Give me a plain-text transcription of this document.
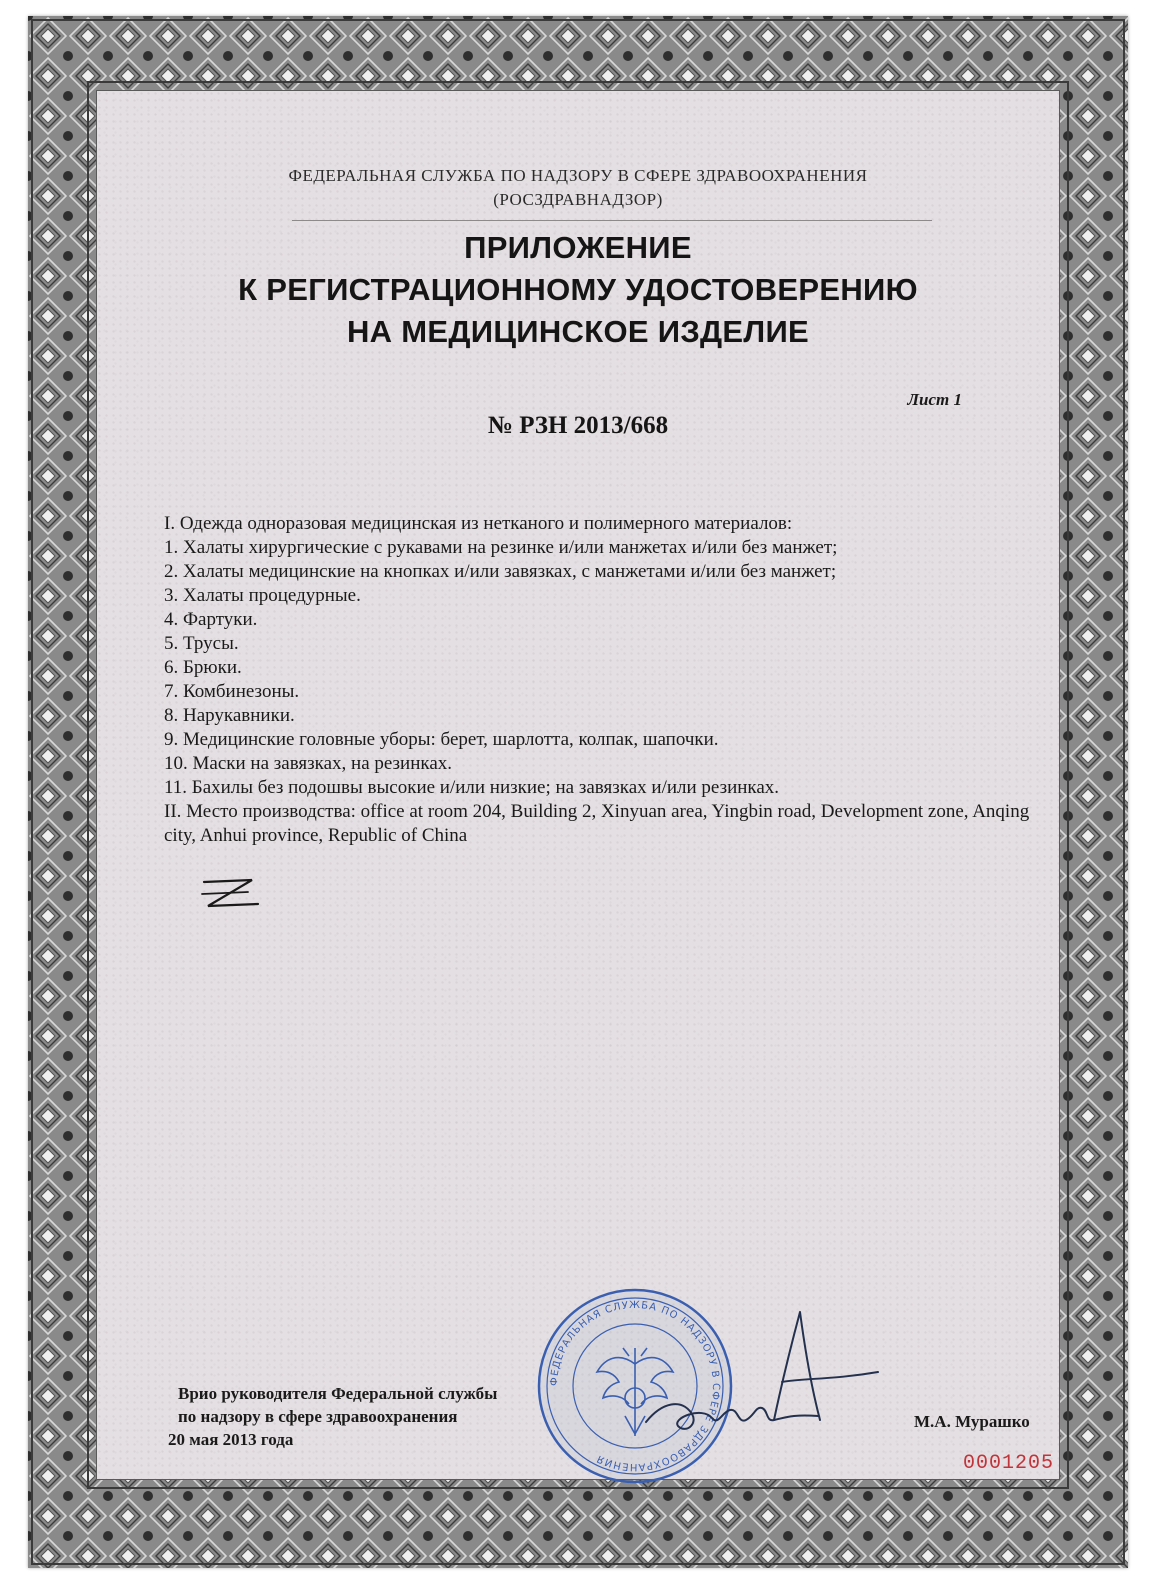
ФЕДЕРАЛЬНАЯ СЛУЖБА ПО НАДЗОРУ В СФЕРЕ ЗДРАВООХРАНЕНИЯ
(РОСЗДРАВНАДЗОР)
ПРИЛОЖЕНИЕ
К РЕГИСТРАЦИОННОМУ УДОСТОВЕРЕНИЮ
НА МЕДИЦИНСКОЕ ИЗДЕЛИЕ
Лист 1
№ РЗН 2013/668
I. Одежда одноразовая медицинская из нетканого и полимерного материалов:
1. Халаты хирургические с рукавами на резинке и/или манжетах и/или без манжет;
2. Халаты медицинские на кнопках и/или завязках, с манжетами и/или без манжет;
3. Халаты процедурные.
4. Фартуки.
5. Трусы.
6. Брюки.
7. Комбинезоны.
8. Нарукавники.
9. Медицинские головные уборы: берет, шарлотта, колпак, шапочки.
10. Маски на завязках, на резинках.
11. Бахилы без подошвы высокие и/или низкие; на завязках и/или резинках.
II. Место производства: office at room 204, Building 2, Xinyuan area, Yingbin road, Development zone, Anqing city, Anhui province, Republic of China
ФЕДЕРАЛЬНАЯ СЛУЖБА ПО НАДЗОРУ В СФЕРЕ ЗДРАВООХРАНЕНИЯ
Врио руководителя Федеральной службы
по надзору в сфере здравоохранения
20 мая 2013 года
М.А. Мурашко
0001205
